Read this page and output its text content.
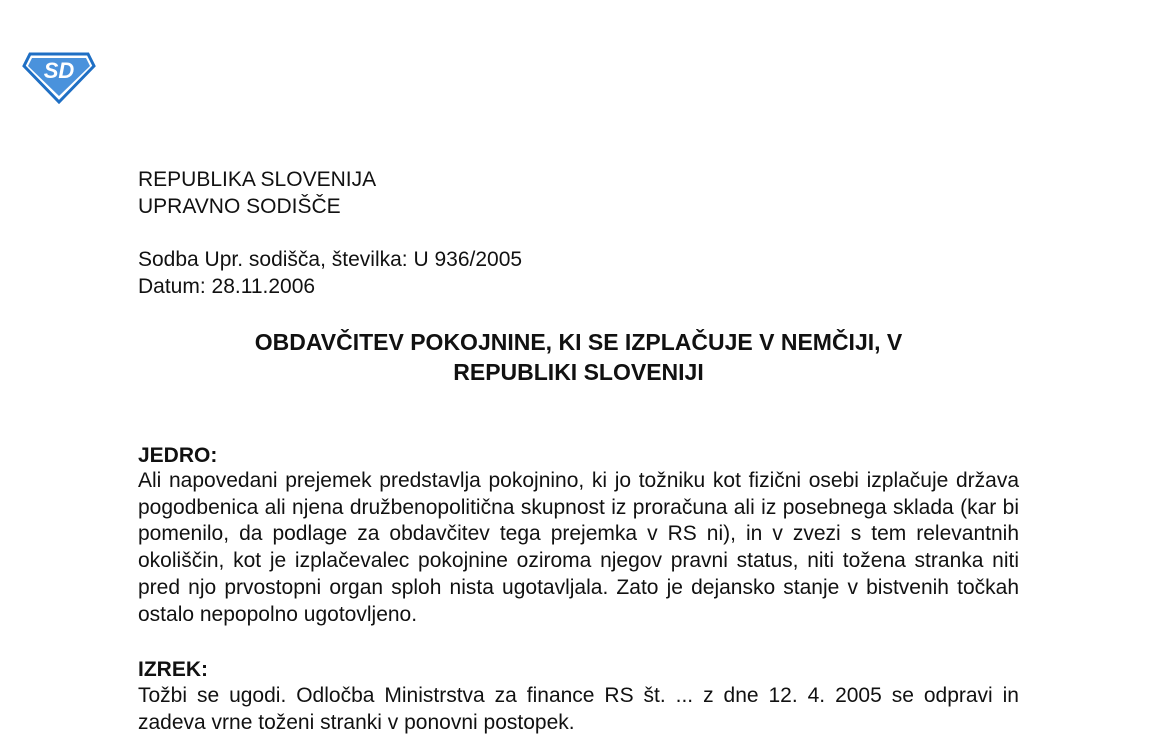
SD
REPUBLIKA SLOVENIJA
UPRAVNO SODIŠČE
Sodba Upr. sodišča, številka: U 936/2005
Datum: 28.11.2006
OBDAVČITEV POKOJNINE, KI SE IZPLAČUJE V NEMČIJI, V
REPUBLIKI SLOVENIJI
JEDRO:

Ali napovedani prejemek predstavlja pokojnino, ki jo tožniku kot fizični osebi izplačuje država pogodbenica ali njena družbenopolitična skupnost iz proračuna ali iz posebnega sklada (kar bi pomenilo, da podlage za obdavčitev tega prejemka v RS ni), in v zvezi s tem relevantnih okoliščin, kot je izplačevalec pokojnine oziroma njegov pravni status, niti tožena stranka niti pred njo prvostopni organ sploh nista ugotavljala. Zato je dejansko stanje v bistvenih točkah ostalo nepopolno ugotovljeno.

IZREK:

Tožbi se ugodi. Odločba Ministrstva za finance RS št. ... z dne 12. 4. 2005 se odpravi in zadeva vrne toženi stranki v ponovni postopek.
